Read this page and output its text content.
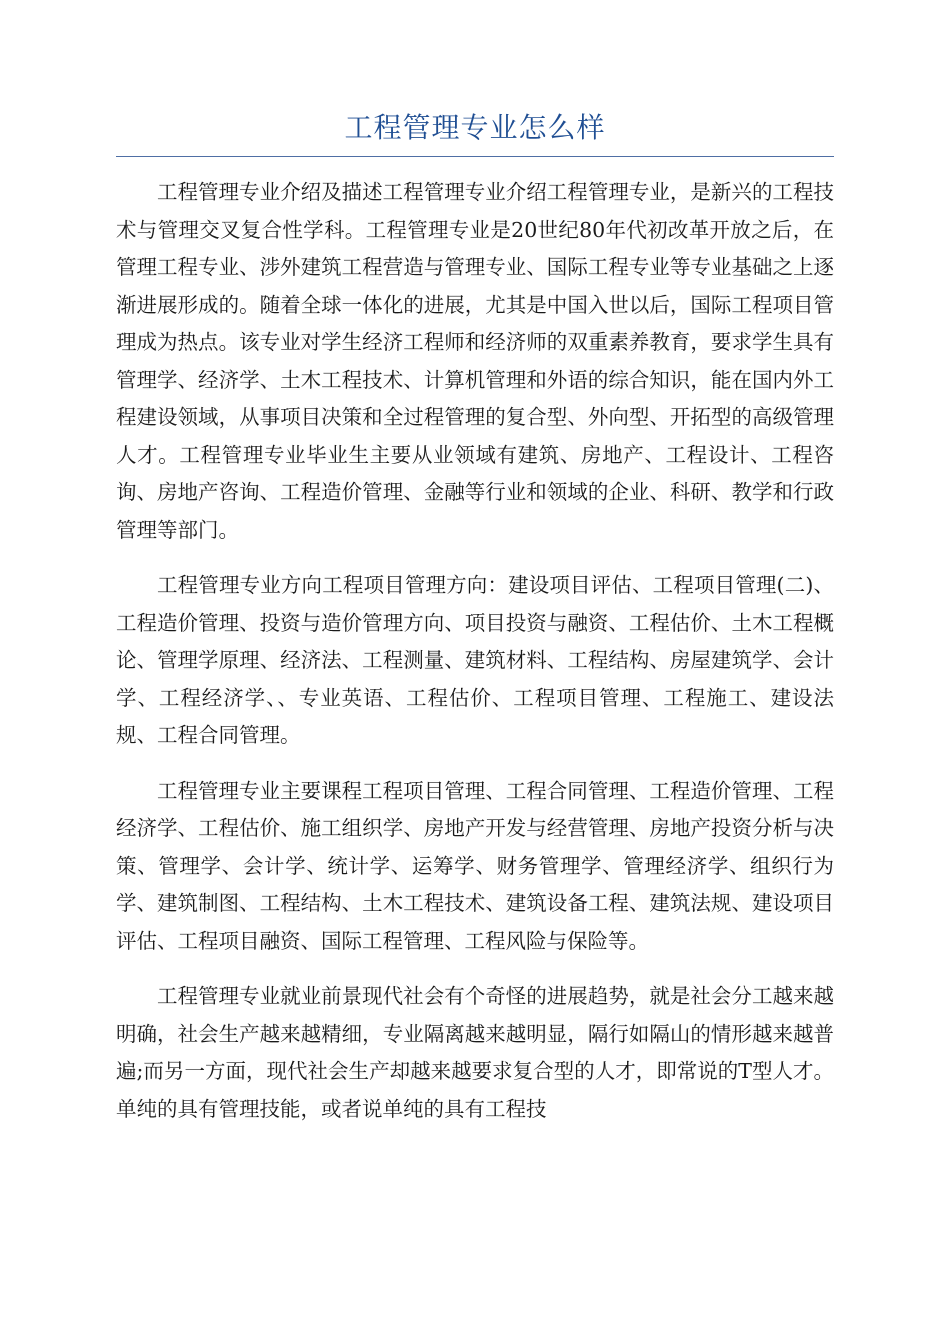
工程管理专业怎么样

工程管理专业介绍及描述工程管理专业介绍工程管理专业，是新兴的工程技术与管理交叉复合性学科。工程管理专业是20世纪80年代初改革开放之后，在管理工程专业、涉外建筑工程营造与管理专业、国际工程专业等专业基础之上逐渐进展形成的。随着全球一体化的进展，尤其是中国入世以后，国际工程项目管理成为热点。该专业对学生经济工程师和经济师的双重素养教育，要求学生具有管理学、经济学、土木工程技术、计算机管理和外语的综合知识，能在国内外工程建设领域，从事项目决策和全过程管理的复合型、外向型、开拓型的高级管理人才。工程管理专业毕业生主要从业领域有建筑、房地产、工程设计、工程咨询、房地产咨询、工程造价管理、金融等行业和领域的企业、科研、教学和行政管理等部门。

工程管理专业方向工程项目管理方向：建设项目评估、工程项目管理(二)、工程造价管理、投资与造价管理方向、项目投资与融资、工程估价、土木工程概论、管理学原理、经济法、工程测量、建筑材料、工程结构、房屋建筑学、会计学、工程经济学、、专业英语、工程估价、工程项目管理、工程施工、建设法规、工程合同管理。

工程管理专业主要课程工程项目管理、工程合同管理、工程造价管理、工程经济学、工程估价、施工组织学、房地产开发与经营管理、房地产投资分析与决策、管理学、会计学、统计学、运筹学、财务管理学、管理经济学、组织行为学、建筑制图、工程结构、土木工程技术、建筑设备工程、建筑法规、建设项目评估、工程项目融资、国际工程管理、工程风险与保险等。

工程管理专业就业前景现代社会有个奇怪的进展趋势，就是社会分工越来越明确，社会生产越来越精细，专业隔离越来越明显，隔行如隔山的情形越来越普遍;而另一方面，现代社会生产却越来越要求复合型的人才，即常说的T型人才。单纯的具有管理技能，或者说单纯的具有工程技
